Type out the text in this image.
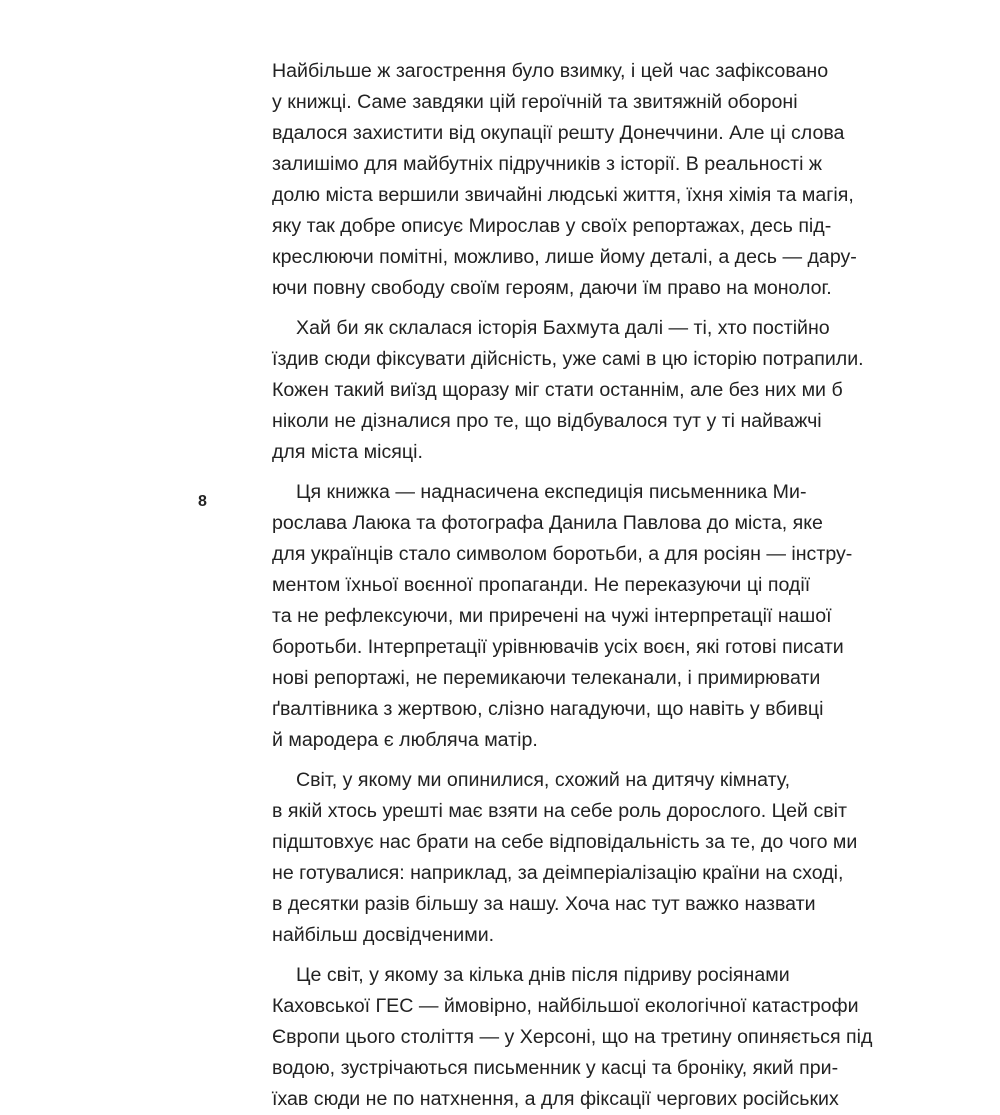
8
Найбільше ж загострення було взимку, і цей час зафіксовано
у книжці. Саме завдяки цій героїчній та звитяжній обороні
вдалося захистити від окупації решту Донеччини. Але ці слова
залишімо для майбутніх підручників з історії. В реальності ж
долю міста вершили звичайні людські життя, їхня хімія та магія,
яку так добре описує Мирослав у своїх репортажах, десь під-
креслюючи помітні, можливо, лише йому деталі, а десь — дару-
ючи повну свободу своїм героям, даючи їм право на монолог.
Хай би як склалася історія Бахмута далі — ті, хто постійно
їздив сюди фіксувати дійсність, уже самі в цю історію потрапили.
Кожен такий виїзд щоразу міг стати останнім, але без них ми б
ніколи не дізналися про те, що відбувалося тут у ті найважчі
для міста місяці.
Ця книжка — наднасичена експедиція письменника Ми-
рослава Лаюка та фотографа Данила Павлова до міста, яке
для українців стало символом боротьби, а для росіян — інстру-
ментом їхньої воєнної пропаганди. Не переказуючи ці події
та не рефлексуючи, ми приречені на чужі інтерпретації нашої
боротьби. Інтерпретації урівнювачів усіх воєн, які готові писати
нові репортажі, не перемикаючи телеканали, і примирювати
ґвалтівника з жертвою, слізно нагадуючи, що навіть у вбивці
й мародера є любляча матір.
Світ, у якому ми опинилися, схожий на дитячу кімнату,
в якій хтось урешті має взяти на себе роль дорослого. Цей світ
підштовхує нас брати на себе відповідальність за те, до чого ми
не готувалися: наприклад, за деімперіалізацію країни на сході,
в десятки разів більшу за нашу. Хоча нас тут важко назвати
найбільш досвідченими.
Це світ, у якому за кілька днів після підриву росіянами
Каховської ГЕС — ймовірно, найбільшої екологічної катастрофи
Європи цього століття — у Херсоні, що на третину опиняється під
водою, зустрічаються письменник у касці та броніку, який при-
їхав сюди не по натхнення, а для фіксації чергових російських
